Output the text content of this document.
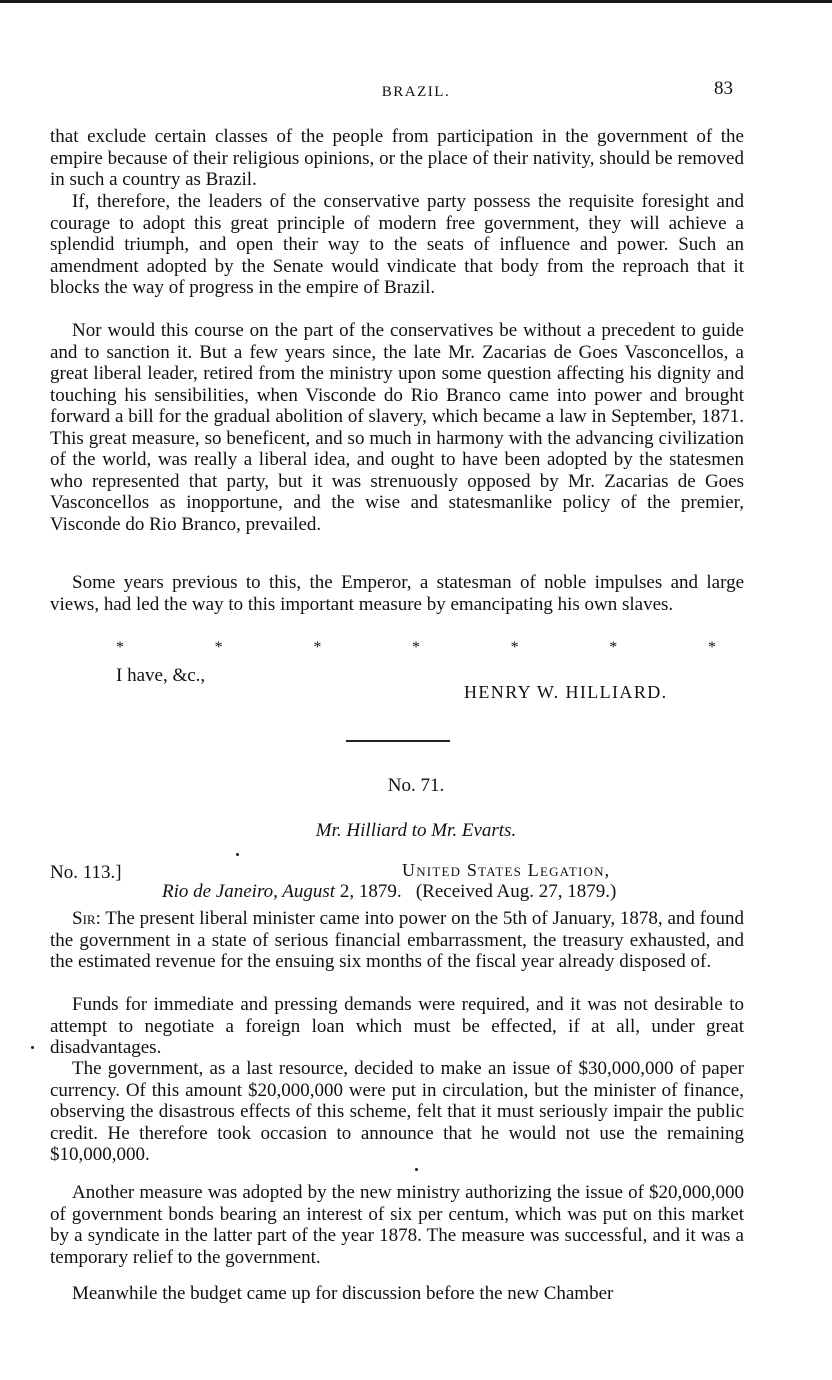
BRAZIL.	83

that exclude certain classes of the people from participation in the government of the empire because of their religious opinions, or the place of their nativity, should be removed in such a country as Brazil.

If, therefore, the leaders of the conservative party possess the requisite foresight and courage to adopt this great principle of modern free government, they will achieve a splendid triumph, and open their way to the seats of influence and power. Such an amendment adopted by the Senate would vindicate that body from the reproach that it blocks the way of progress in the empire of Brazil.

Nor would this course on the part of the conservatives be without a precedent to guide and to sanction it. But a few years since, the late Mr. Zacarias de Goes Vasconcellos, a great liberal leader, retired from the ministry upon some question affecting his dignity and touching his sensibilities, when Visconde do Rio Branco came into power and brought forward a bill for the gradual abolition of slavery, which became a law in September, 1871. This great measure, so beneficent, and so much in harmony with the advancing civilization of the world, was really a liberal idea, and ought to have been adopted by the statesmen who represented that party, but it was strenuously opposed by Mr. Zacarias de Goes Vasconcellos as inopportune, and the wise and statesmanlike policy of the premier, Visconde do Rio Branco, prevailed.

Some years previous to this, the Emperor, a statesman of noble impulses and large views, had led the way to this important measure by emancipating his own slaves.

*	*	*	*	*	*	*

I have, &c.,

HENRY W. HILLIARD.

No. 71.

Mr. Hilliard to Mr. Evarts.

No. 113.]	United States Legation,

Rio de Janeiro, August 2, 1879. (Received Aug. 27, 1879.)

Sir: The present liberal minister came into power on the 5th of January, 1878, and found the government in a state of serious financial embarrassment, the treasury exhausted, and the estimated revenue for the ensuing six months of the fiscal year already disposed of.

Funds for immediate and pressing demands were required, and it was not desirable to attempt to negotiate a foreign loan which must be effected, if at all, under great disadvantages.

The government, as a last resource, decided to make an issue of $30,000,000 of paper currency. Of this amount $20,000,000 were put in circulation, but the minister of finance, observing the disastrous effects of this scheme, felt that it must seriously impair the public credit. He therefore took occasion to announce that he would not use the remaining $10,000,000.

Another measure was adopted by the new ministry authorizing the issue of $20,000,000 of government bonds bearing an interest of six per centum, which was put on this market by a syndicate in the latter part of the year 1878. The measure was successful, and it was a temporary relief to the government.

Meanwhile the budget came up for discussion before the new Chamber
